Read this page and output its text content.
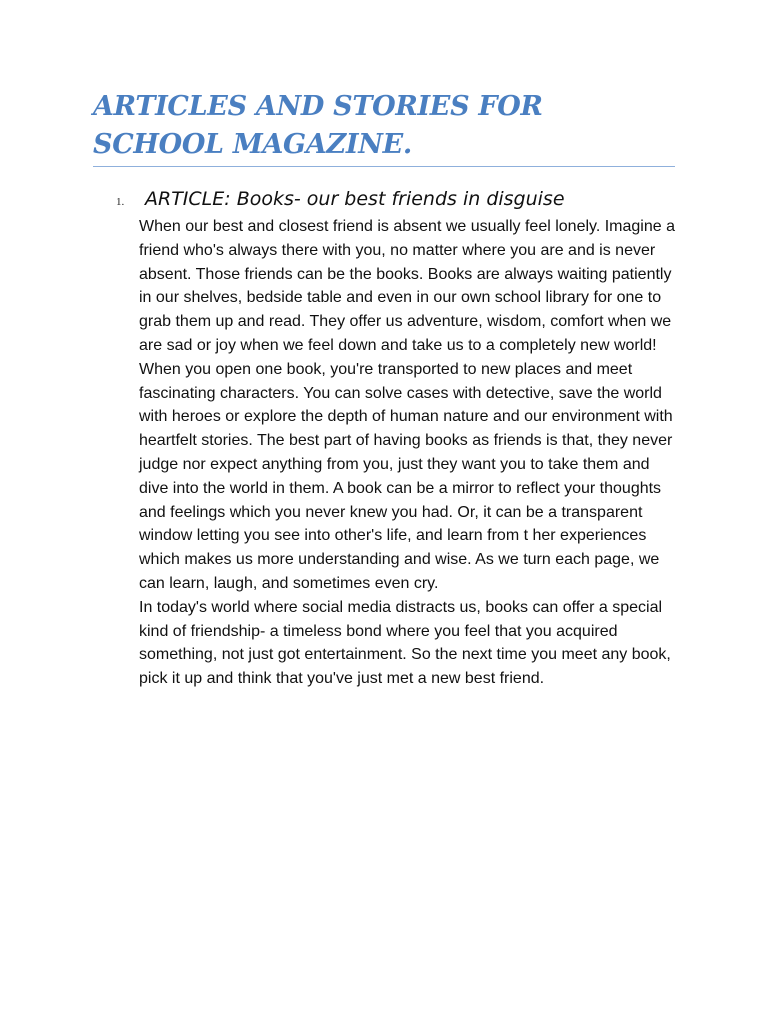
ARTICLES AND STORIES FOR SCHOOL MAGAZINE.
1. ARTICLE: Books- our best friends in disguise

When our best and closest friend is absent we usually feel lonely. Imagine a friend who's always there with you, no matter where you are and is never absent. Those friends can be the books. Books are always waiting patiently in our shelves, bedside table and even in our own school library for one to grab them up and read. They offer us adventure, wisdom, comfort when we are sad or joy when we feel down and take us to a completely new world! When you open one book, you're transported to new places and meet fascinating characters. You can solve cases with detective, save the world with heroes or explore the depth of human nature and our environment with heartfelt stories. The best part of having books as friends is that, they never judge nor expect anything from you, just they want you to take them and dive into the world in them. A book can be a mirror to reflect your thoughts and feelings which you never knew you had. Or, it can be a transparent window letting you see into other's life, and learn from t her experiences which makes us more understanding and wise. As we turn each page, we can learn, laugh, and sometimes even cry.

In today's world where social media distracts us, books can offer a special kind of friendship- a timeless bond where you feel that you acquired something, not just got entertainment. So the next time you meet any book, pick it up and think that you've just met a new best friend.
